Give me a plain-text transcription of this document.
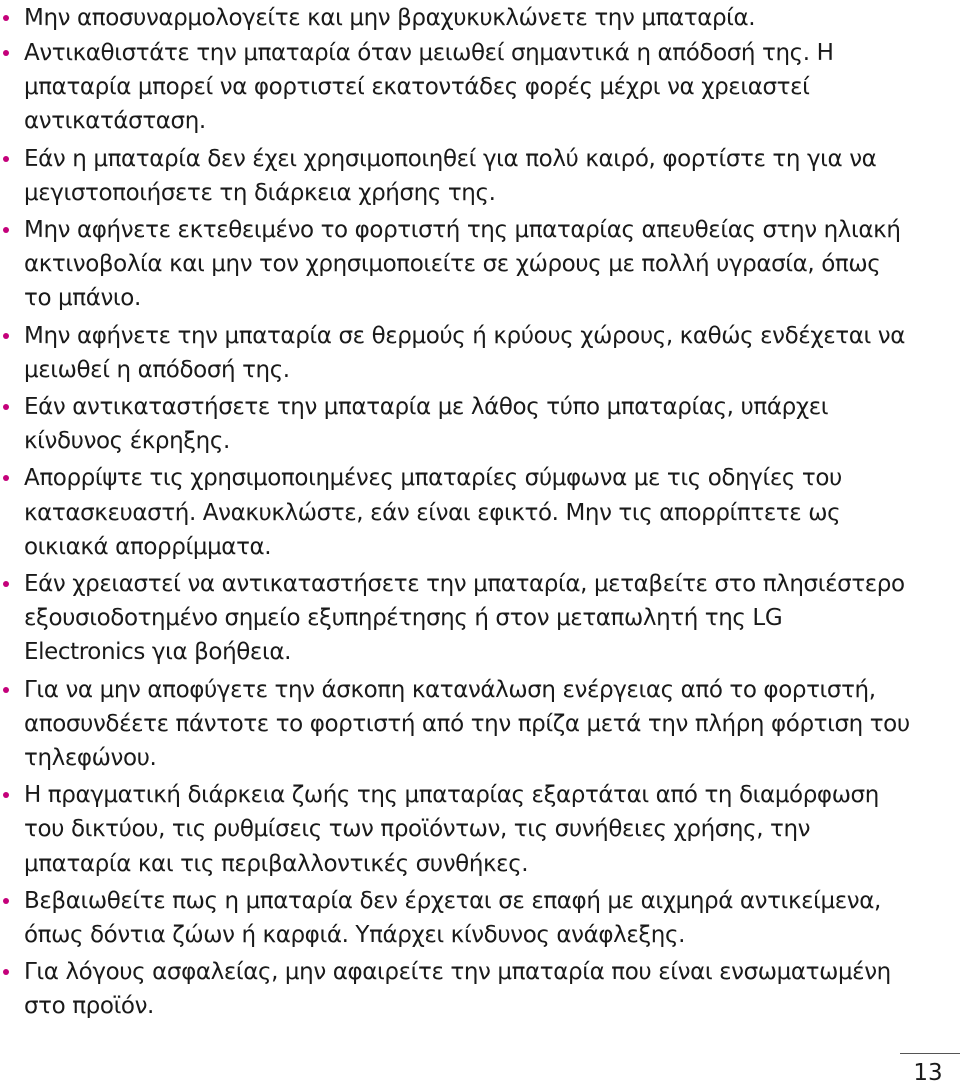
Μην αποσυναρμολογείτε και μην βραχυκυκλώνετε την μπαταρία.
Αντικαθιστάτε την μπαταρία όταν μειωθεί σημαντικά η απόδοσή της. Η μπαταρία μπορεί να φορτιστεί εκατοντάδες φορές μέχρι να χρειαστεί αντικατάσταση.
Εάν η μπαταρία δεν έχει χρησιμοποιηθεί για πολύ καιρό, φορτίστε τη για να μεγιστοποιήσετε τη διάρκεια χρήσης της.
Μην αφήνετε εκτεθειμένο το φορτιστή της μπαταρίας απευθείας στην ηλιακή ακτινοβολία και μην τον χρησιμοποιείτε σε χώρους με πολλή υγρασία, όπως το μπάνιο.
Μην αφήνετε την μπαταρία σε θερμούς ή κρύους χώρους, καθώς ενδέχεται να μειωθεί η απόδοσή της.
Εάν αντικαταστήσετε την μπαταρία με λάθος τύπο μπαταρίας, υπάρχει κίνδυνος έκρηξης.
Απορρίψτε τις χρησιμοποιημένες μπαταρίες σύμφωνα με τις οδηγίες του κατασκευαστή. Ανακυκλώστε, εάν είναι εφικτό. Μην τις απορρίπτετε ως οικιακά απορρίμματα.
Εάν χρειαστεί να αντικαταστήσετε την μπαταρία, μεταβείτε στο πλησιέστερο εξουσιοδοτημένο σημείο εξυπηρέτησης ή στον μεταπωλητή της LG Electronics για βοήθεια.
Για να μην αποφύγετε την άσκοπη κατανάλωση ενέργειας από το φορτιστή, αποσυνδέετε πάντοτε το φορτιστή από την πρίζα μετά την πλήρη φόρτιση του τηλεφώνου.
Η πραγματική διάρκεια ζωής της μπαταρίας εξαρτάται από τη διαμόρφωση του δικτύου, τις ρυθμίσεις των προϊόντων, τις συνήθειες χρήσης, την μπαταρία και τις περιβαλλοντικές συνθήκες.
Βεβαιωθείτε πως η μπαταρία δεν έρχεται σε επαφή με αιχμηρά αντικείμενα, όπως δόντια ζώων ή καρφιά. Υπάρχει κίνδυνος ανάφλεξης.
Για λόγους ασφαλείας, μην αφαιρείτε την μπαταρία που είναι ενσωματωμένη στο προϊόν.
13
